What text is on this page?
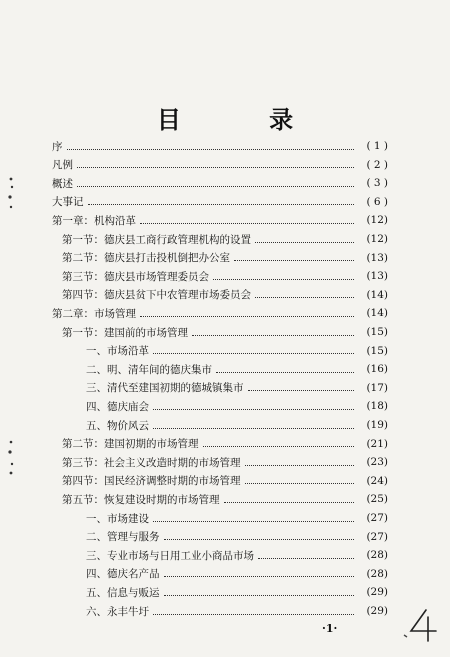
目 录
序	( 1 )
凡例	( 2 )
概述	( 3 )
大事记	( 6 )
第一章：机构沿革	(12)
第一节：德庆县工商行政管理机构的设置	(12)
第二节：德庆县打击投机倒把办公室	(13)
第三节：德庆县市场管理委员会	(13)
第四节：德庆县贫下中农管理市场委员会	(14)
第二章：市场管理	(14)
第一节：建国前的市场管理	(15)
一、市场沿革	(15)
二、明、清年间的德庆集市	(16)
三、清代至建国初期的德城镇集市	(17)
四、德庆庙会	(18)
五、物价风云	(19)
第二节：建国初期的市场管理	(21)
第三节：社会主义改造时期的市场管理	(23)
第四节：国民经济调整时期的市场管理	(24)
第五节：恢复建设时期的市场管理	(25)
一、市场建设	(27)
二、管理与服务	(27)
三、专业市场与日用工业小商品市场	(28)
四、德庆名产品	(28)
五、信息与贩运	(29)
六、永丰牛圩	(29)
·1·
